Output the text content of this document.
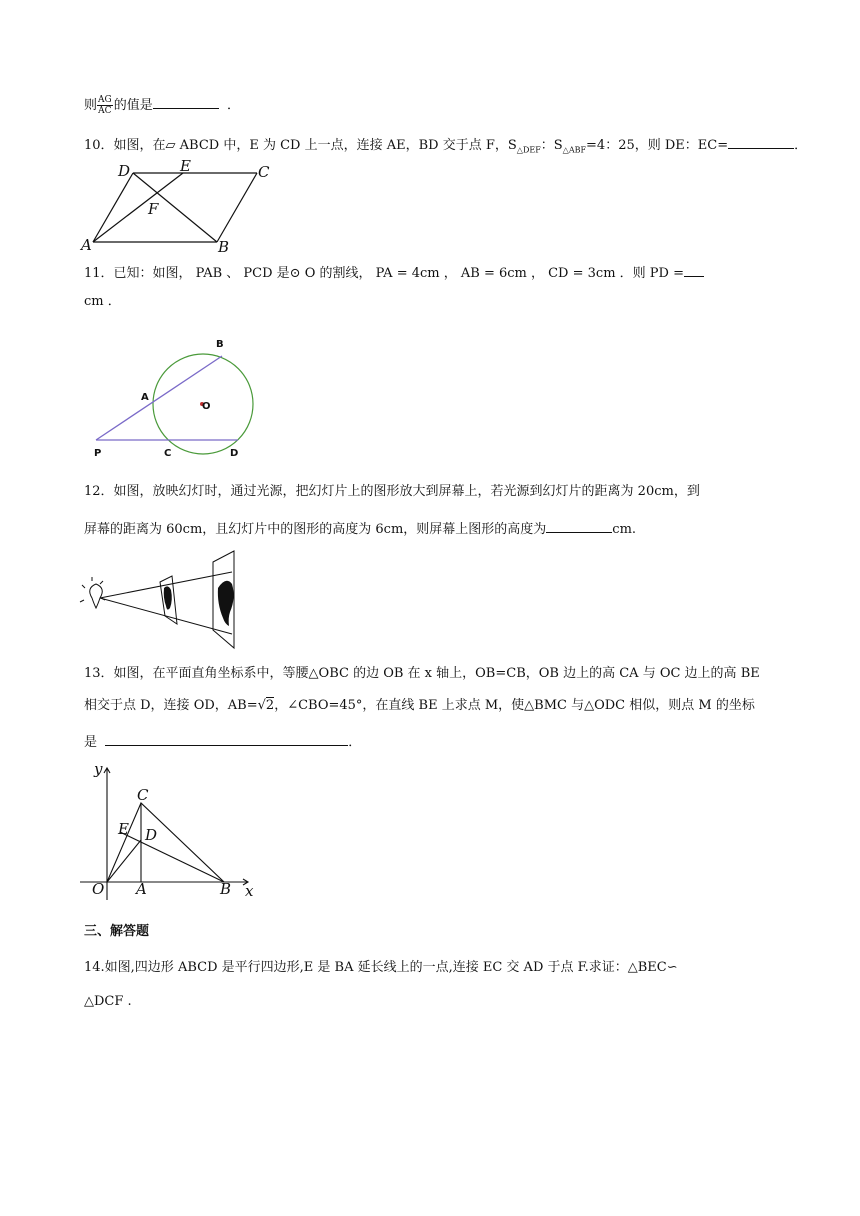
则 $\frac{AG}{AC}$ 的值是	．
10．如图，在▱ ABCD 中，E 为 CD 上一点，连接 AE，BD 交于点 F，$S_{\triangle DEF}$：$S_{\triangle ABF}=4$：25，则 DE：EC=	．
D	E	C
F
A	B
11．已知：如图， PAB 、 PCD 是⊙ O 的割线， PA = 4cm ， AB = 6cm ， CD = 3cm ．则 PD =
cm ．
B
A
O
P	C	D
12．如图，放映幻灯时，通过光源，把幻灯片上的图形放大到屏幕上，若光源到幻灯片的距离为 20cm，到
屏幕的距离为 60cm，且幻灯片中的图形的高度为 6cm，则屏幕上图形的高度为	cm.
13．如图，在平面直角坐标系中，等腰△OBC 的边 OB 在 x 轴上，OB=CB，OB 边上的高 CA 与 OC 边上的高 BE
相交于点 D，连接 OD，AB=√2，∠CBO=45°，在直线 BE 上求点 M，使△BMC 与△ODC 相似，则点 M 的坐标
是	．
y
C
E D
O A	B x
三、解答题
14.如图,四边形 ABCD 是平行四边形,E 是 BA 延长线上的一点,连接 EC 交 AD 于点 F.求证：△BEC∽
△DCF .
